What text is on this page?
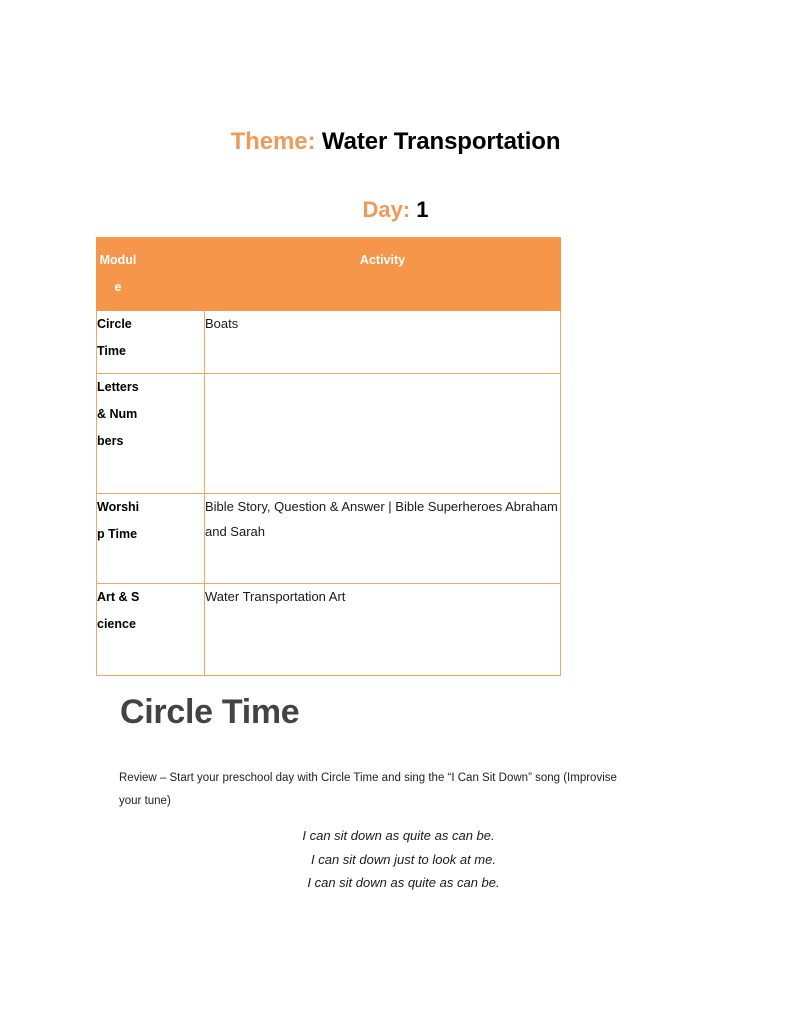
Theme: Water Transportation
Day: 1
Module	Activity

Circle Time	Boats

Letters & Numbers	

Worship Time	Bible Story, Question & Answer | Bible Superheroes Abraham and Sarah

Art & Science	Water Transportation Art
Circle Time
Review – Start your preschool day with Circle Time and sing the “I Can Sit Down” song (Improvise your tune)
I can sit down as quite as can be.
I can sit down just to look at me.
I can sit down as quite as can be.
